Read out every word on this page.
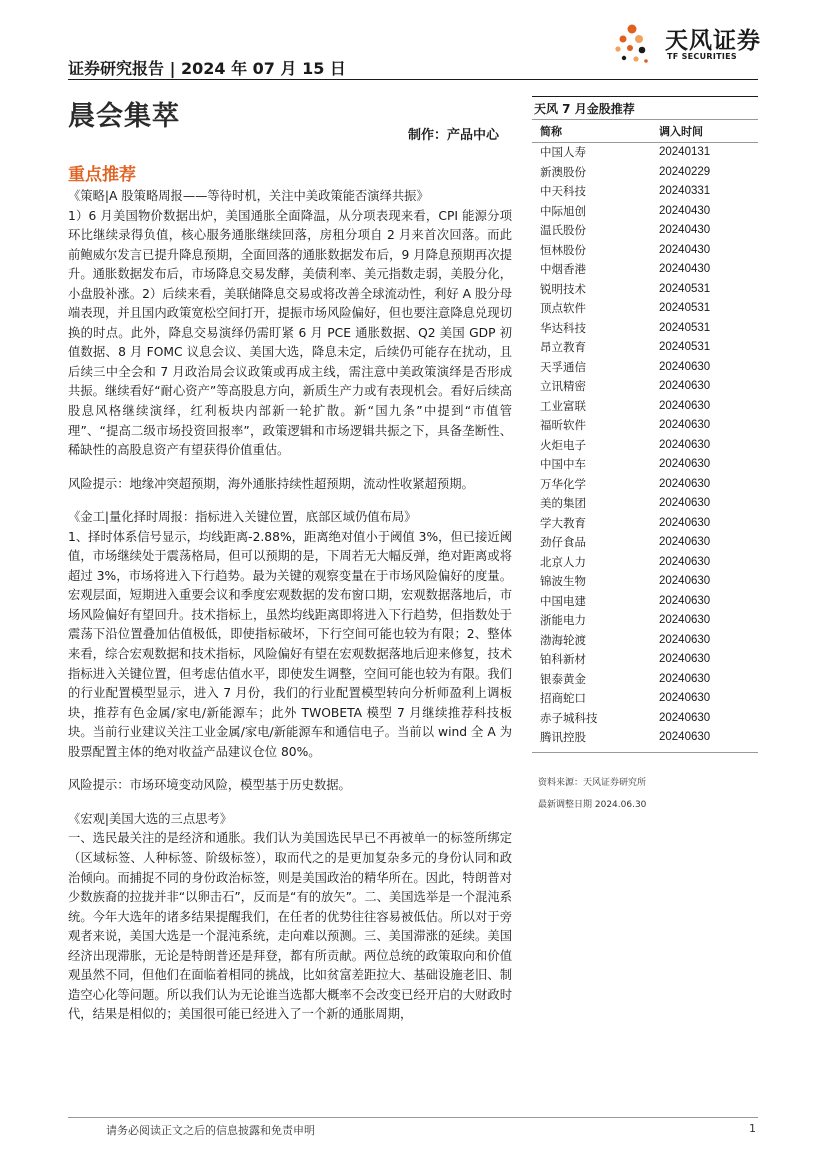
证券研究报告 | 2024 年 07 月 15 日
天风证券
TF SECURITIES
晨会集萃
制作：产品中心
重点推荐

《策略|A 股策略周报——等待时机，关注中美政策能否演绎共振》

1）6 月美国物价数据出炉，美国通胀全面降温，从分项表现来看，CPI 能源分项环比继续录得负值，核心服务通胀继续回落，房租分项自 2 月来首次回落。而此前鲍威尔发言已提升降息预期，全面回落的通胀数据发布后，9 月降息预期再次提升。通胀数据发布后，市场降息交易发酵，美债利率、美元指数走弱，美股分化，小盘股补涨。2）后续来看，美联储降息交易或将改善全球流动性，利好 A 股分母端表现，并且国内政策宽松空间打开，提振市场风险偏好，但也要注意降息兑现切换的时点。此外，降息交易演绎仍需盯紧 6 月 PCE 通胀数据、Q2 美国 GDP 初值数据、8 月 FOMC 议息会议、美国大选，降息未定，后续仍可能存在扰动，且后续三中全会和 7 月政治局会议政策或再成主线，需注意中美政策演绎是否形成共振。继续看好“耐心资产”等高股息方向，新质生产力或有表现机会。看好后续高股息风格继续演绎，红利板块内部新一轮扩散。新“国九条”中提到“市值管理”、“提高二级市场投资回报率”，政策逻辑和市场逻辑共振之下，具备垄断性、稀缺性的高股息资产有望获得价值重估。

风险提示：地缘冲突超预期，海外通胀持续性超预期，流动性收紧超预期。

《金工|量化择时周报：指标进入关键位置，底部区域仍值布局》

1、择时体系信号显示，均线距离-2.88%，距离绝对值小于阈值 3%，但已接近阈值，市场继续处于震荡格局，但可以预期的是，下周若无大幅反弹，绝对距离或将超过 3%，市场将进入下行趋势。最为关键的观察变量在于市场风险偏好的度量。宏观层面，短期进入重要会议和季度宏观数据的发布窗口期，宏观数据落地后，市场风险偏好有望回升。技术指标上，虽然均线距离即将进入下行趋势，但指数处于震荡下沿位置叠加估值极低，即使指标破坏，下行空间可能也较为有限；2、整体来看，综合宏观数据和技术指标，风险偏好有望在宏观数据落地后迎来修复，技术指标进入关键位置，但考虑估值水平，即使发生调整，空间可能也较为有限。我们的行业配置模型显示，进入 7 月份，我们的行业配置模型转向分析师盈利上调板块，推荐有色金属/家电/新能源车；此外 TWOBETA 模型 7 月继续推荐科技板块。当前行业建议关注工业金属/家电/新能源车和通信电子。当前以 wind 全 A 为股票配置主体的绝对收益产品建议仓位 80%。

风险提示：市场环境变动风险，模型基于历史数据。

《宏观|美国大选的三点思考》

一、选民最关注的是经济和通胀。我们认为美国选民早已不再被单一的标签所绑定（区域标签、人种标签、阶级标签），取而代之的是更加复杂多元的身份认同和政治倾向。而捕捉不同的身份政治标签，则是美国政治的精华所在。因此，特朗普对少数族裔的拉拢并非“以卵击石”，反而是“有的放矢”。二、美国选举是一个混沌系统。今年大选年的诸多结果提醒我们，在任者的优势往往容易被低估。所以对于旁观者来说，美国大选是一个混沌系统，走向难以预测。三、美国滞涨的延续。美国经济出现滞胀，无论是特朗普还是拜登，都有所贡献。两位总统的政策取向和价值观虽然不同，但他们在面临着相同的挑战，比如贫富差距拉大、基础设施老旧、制造空心化等问题。所以我们认为无论谁当选都大概率不会改变已经开启的大财政时代，结果是相似的；美国很可能已经进入了一个新的通胀周期，

天风 7 月金股推荐
简称	调入时间
中国人寿	20240131
新澳股份	20240229
中天科技	20240331
中际旭创	20240430
温氏股份	20240430
恒林股份	20240430
中烟香港	20240430
锐明技术	20240531
顶点软件	20240531
华达科技	20240531
昂立教育	20240531
天孚通信	20240630
立讯精密	20240630
工业富联	20240630
福昕软件	20240630
火炬电子	20240630
中国中车	20240630
万华化学	20240630
美的集团	20240630
学大教育	20240630
劲仔食品	20240630
北京人力	20240630
锦波生物	20240630
中国电建	20240630
浙能电力	20240630
渤海轮渡	20240630
铂科新材	20240630
银泰黄金	20240630
招商蛇口	20240630
赤子城科技	20240630
腾讯控股	20240630
资料来源：天风证券研究所
最新调整日期 2024.06.30
请务必阅读正文之后的信息披露和免责申明	1
